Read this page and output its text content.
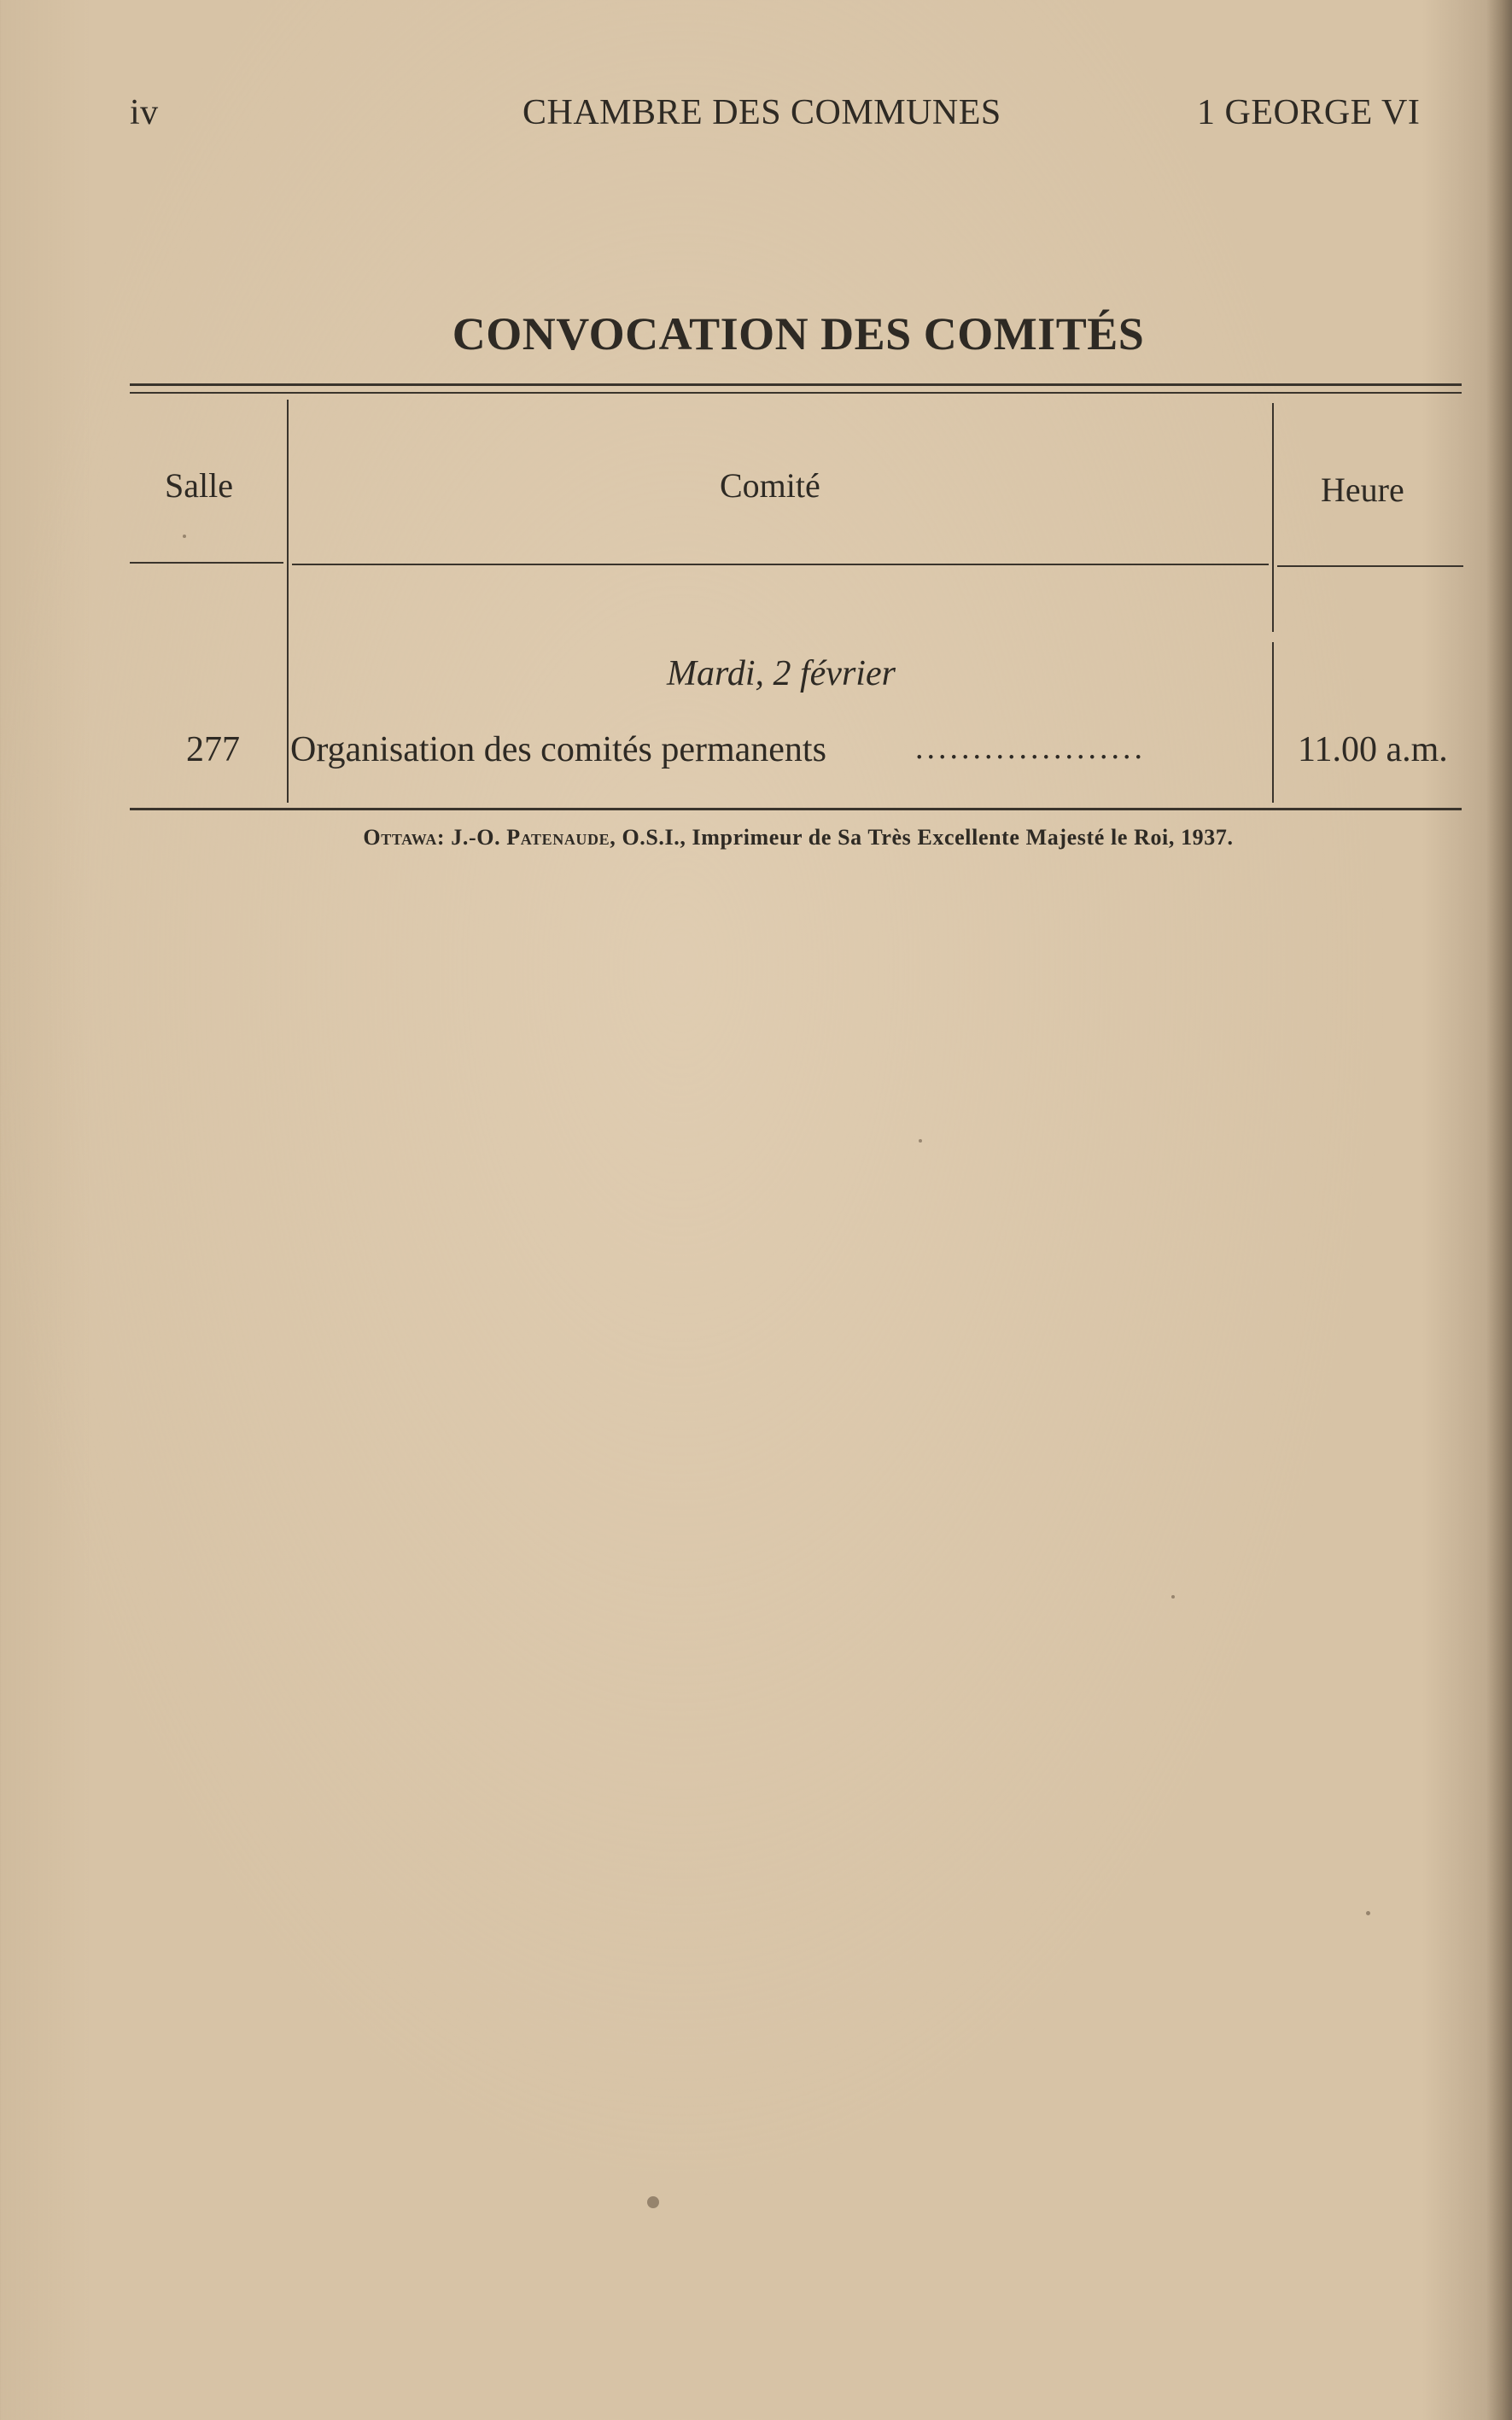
iv	CHAMBRE DES COMMUNES	1 GEORGE VI
CONVOCATION DES COMITÉS
Salle	Comité	Heure
Mardi, 2 février
277 Organisation des comités permanents	....................	11.00 a.m.
Ottawa: J.-O. Patenaude, O.S.I., Imprimeur de Sa Très Excellente Majesté le Roi, 1937.
